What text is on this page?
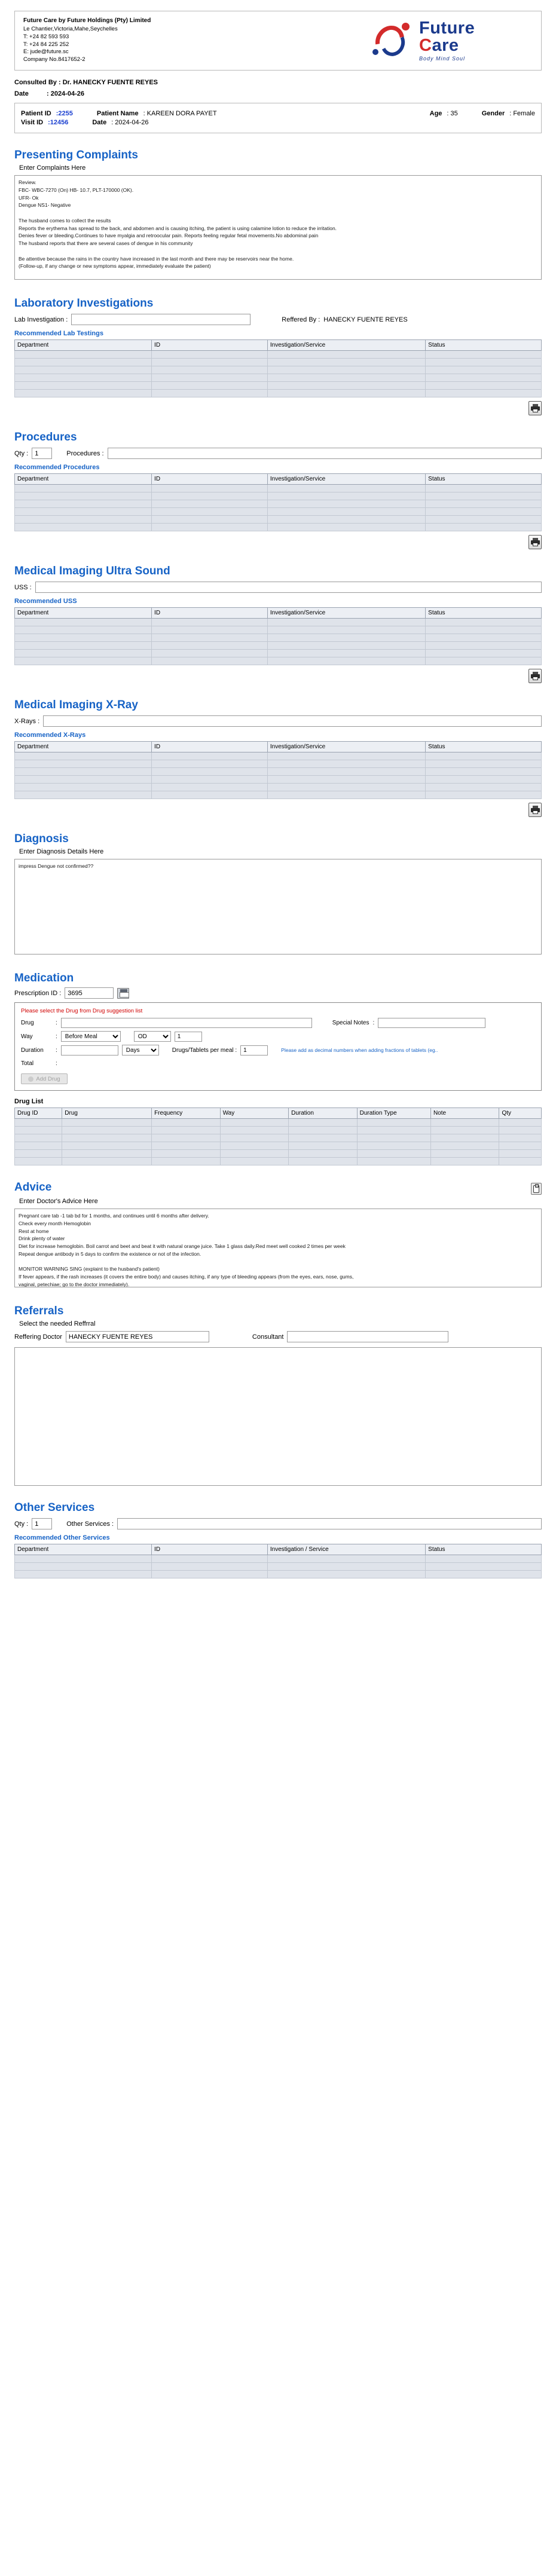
Future Care by Future Holdings (Pty) Limited
Le Chantier,Victoria,Mahe,Seychelles
T: +24 82 593 593
T: +24 84 225 252
E: jude@future.sc
Company No.8417652-2
Future
Care
Body Mind Soul
Consulted By : Dr. HANECKY FUENTE REYES
Date	: 2024-04-26
Patient ID : 2255	Patient Name : KAREEN DORA PAYET	Age : 35	Gender : Female
Visit ID : 12456	Date : 2024-04-26
Presenting Complaints
Enter Complaints Here
Review. FBC- WBC-7270 (On) HB- 10.7, PLT-170000 (OK). UFR- Ok Dengue NS1- Negative The husband comes to collect the results Reports the erythema has spread to the back, and abdomen and is causing itching, the patient is using calamine lotion to reduce the irritation. Denies fever or bleeding.Continues to have myalgia and retroocular pain. Reports feeling regular fetal movements.No abdominal pain The husband reports that there are several cases of dengue in his community Be attentive because the rains in the country have increased in the last month and there may be reservoirs near the home. (Follow-up, if any change or new symptoms appear, immediately evaluate the patient)
Laboratory Investigations
Lab Investigation :	Reffered By : HANECKY FUENTE REYES
Recommended Lab Testings
Department	ID	Investigation/Service	Status

Procedures
Qty :
1	Procedures :
Recommended Procedures
Department	ID	Investigation/Service	Status

Medical Imaging Ultra Sound
USS :
Recommended USS
Department	ID	Investigation/Service	Status

Medical Imaging X-Ray
X-Rays :
Recommended X-Rays
Department	ID	Investigation/Service	Status

Diagnosis
Enter Diagnosis Details Here
impress Dengue not confirmed??
Medication
Prescription ID :
3695
Please select the Drug from Drug suggestion list
Drug	:	Special Notes :
Way	:
Before Meal
OD
1
Duration	:
Days	Drugs/Tablets per meal :
1	Please add as decimal numbers when adding fractions of tablets (eg..
Total	:
Add Drug
Drug List
Drug ID	Drug	Frequency	Way	Duration	Duration Type	Note	Qty

Advice
Enter Doctor's Advice Here
Pregnant care tab -1 tab bd for 1 months, and continues until 6 months after delivery. Check every month Hemoglobin Rest at home Drink plenty of water Diet for increase hemoglobin. Boil carrot and beet and beat it with natural orange juice. Take 1 glass daily.Red meet well cooked 2 times per week Repeat dengue antibody in 5 days to confirm the existence or not of the infection. MONITOR WARNING SING (explaint to the husband's patient) If fever appears, if the rash increases (it covers the entire body) and causes itching, if any type of bleeding appears (from the eyes, ears, nose, gums, vaginal, petechiae; go to the doctor immediately). Maintain general measures: Paracetamol 500 mg 1 tab qds for 5 days if myalgias and altralgias. Taking temperature every 4 hours or before reporting Paracetamol In case of itching that interrupts sleep or daily activities- Loratadine 10 mg 1 tab od for 10 days
Referrals
Select the needed Reffrral
Reffering Doctor
HANECKY FUENTE REYES	Consultant
Other Services
Qty :
1	Other Services :
Recommended Other Services
Department	ID	Investigation / Service	Status
